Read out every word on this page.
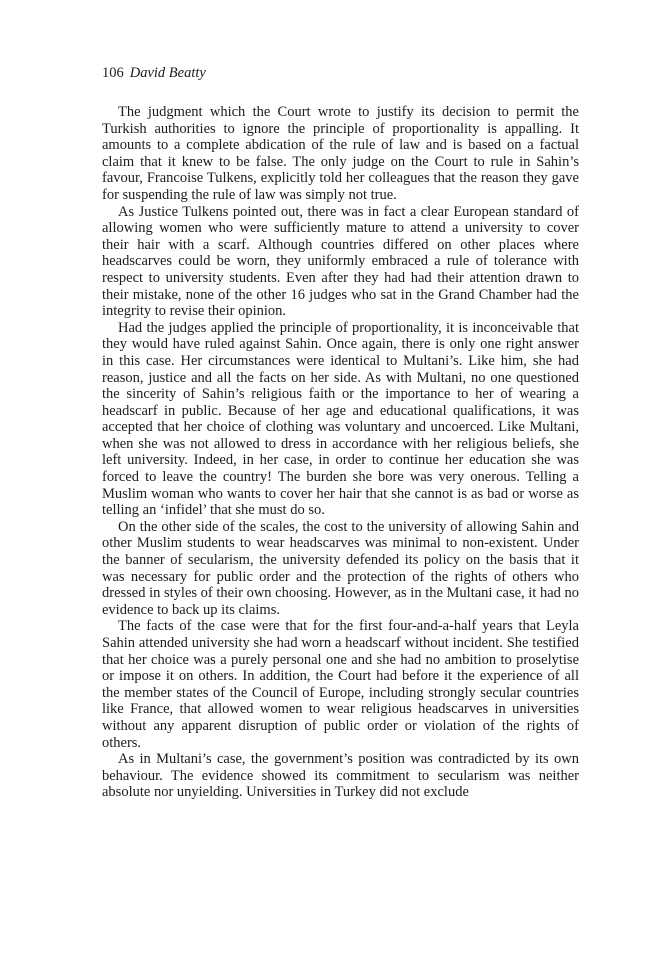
106 David Beatty

The judgment which the Court wrote to justify its decision to permit the Turkish authorities to ignore the principle of proportionality is appalling. It amounts to a complete abdication of the rule of law and is based on a factual claim that it knew to be false. The only judge on the Court to rule in Sahin’s favour, Francoise Tulkens, explicitly told her colleagues that the reason they gave for suspending the rule of law was simply not true.

As Justice Tulkens pointed out, there was in fact a clear European standard of allowing women who were sufficiently mature to attend a university to cover their hair with a scarf. Although countries differed on other places where headscarves could be worn, they uniformly embraced a rule of tolerance with respect to university students. Even after they had had their attention drawn to their mistake, none of the other 16 judges who sat in the Grand Chamber had the integrity to revise their opinion.

Had the judges applied the principle of proportionality, it is inconceivable that they would have ruled against Sahin. Once again, there is only one right answer in this case. Her circumstances were identical to Multani’s. Like him, she had reason, justice and all the facts on her side. As with Multani, no one questioned the sincerity of Sahin’s religious faith or the importance to her of wearing a headscarf in public. Because of her age and educational qualifications, it was accepted that her choice of clothing was voluntary and uncoerced. Like Multani, when she was not allowed to dress in accordance with her religious beliefs, she left university. Indeed, in her case, in order to continue her education she was forced to leave the country! The burden she bore was very onerous. Telling a Muslim woman who wants to cover her hair that she cannot is as bad or worse as telling an ‘infidel’ that she must do so.

On the other side of the scales, the cost to the university of allowing Sahin and other Muslim students to wear headscarves was minimal to non-existent. Under the banner of secularism, the university defended its policy on the basis that it was necessary for public order and the protection of the rights of others who dressed in styles of their own choosing. However, as in the Multani case, it had no evidence to back up its claims.

The facts of the case were that for the first four-and-a-half years that Leyla Sahin attended university she had worn a headscarf without incident. She testified that her choice was a purely personal one and she had no ambition to proselytise or impose it on others. In addition, the Court had before it the experience of all the member states of the Council of Europe, including strongly secular countries like France, that allowed women to wear religious headscarves in universities without any apparent disruption of public order or violation of the rights of others.

As in Multani’s case, the government’s position was contradicted by its own behaviour. The evidence showed its commitment to secularism was neither absolute nor unyielding. Universities in Turkey did not exclude
